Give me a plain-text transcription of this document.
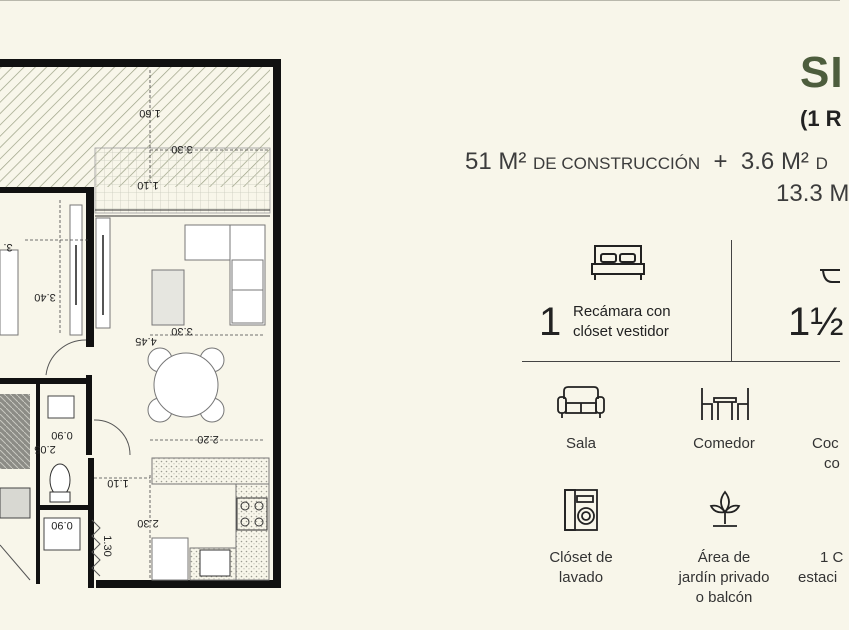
1.60
3.30
1.10
3.40
3.30
4.45
2.20
0.90
2.05
1.10
2.30
0.90
1.30
3.
SI
(1 R
51 M² DE CONSTRUCCIÓN + 3.6 M² D
13.3 M
1 Recámara con
clóset vestidor	1½
Sala	Comedor	Coc
co
Clóset de
lavado
Área de
jardín privado
o balcón
1 C
estaci
